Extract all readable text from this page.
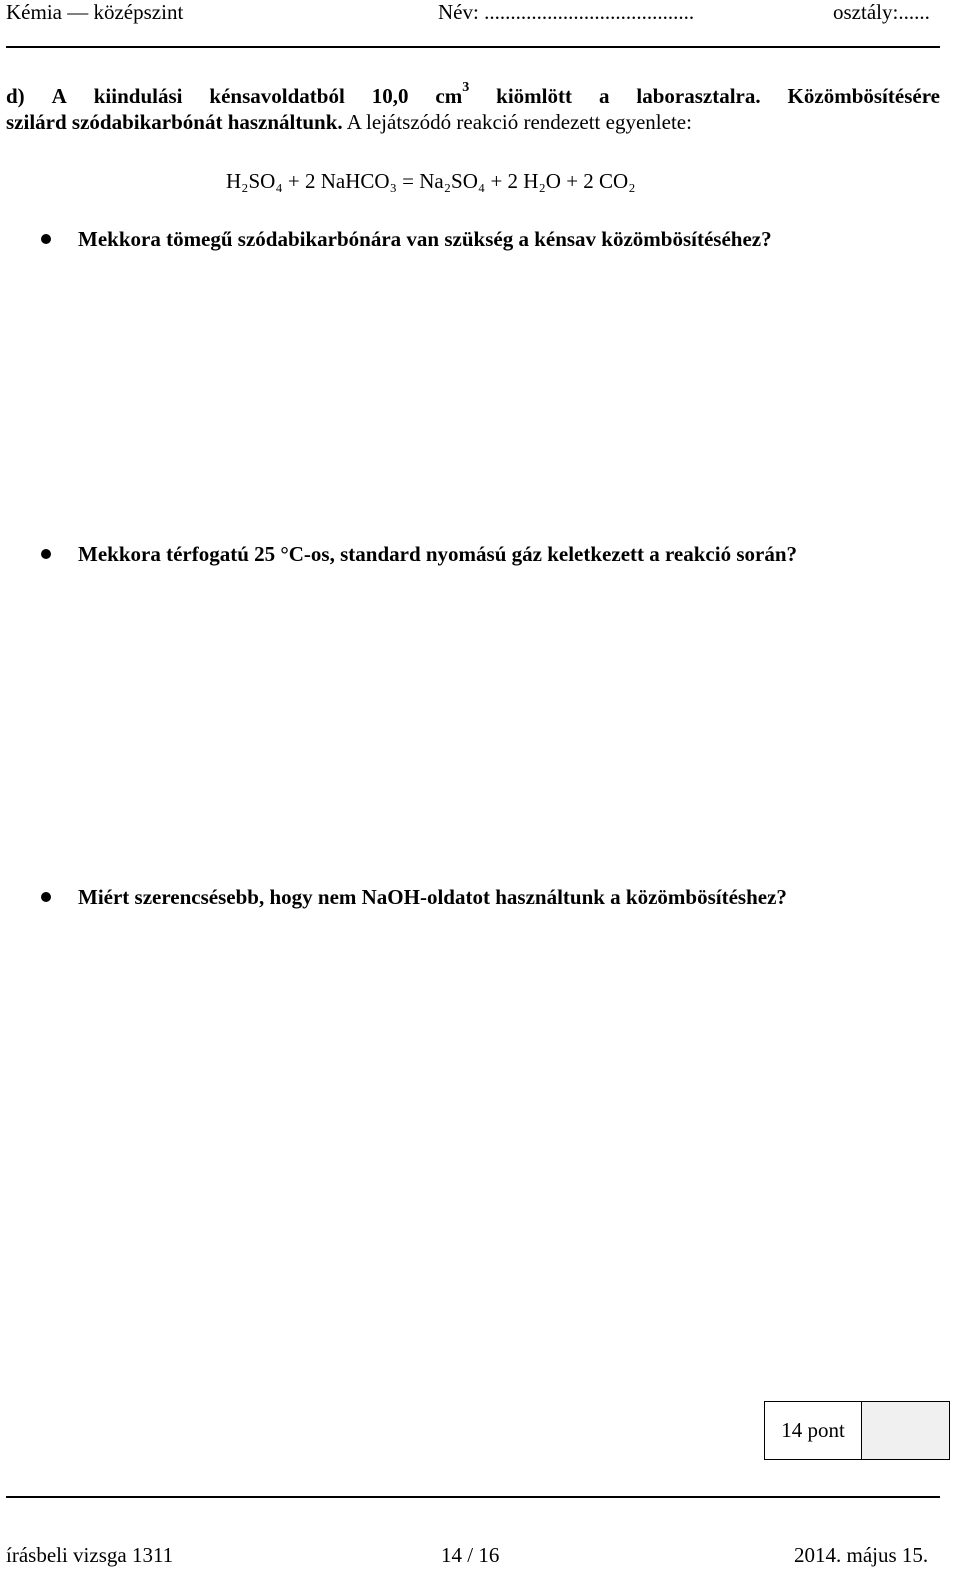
Kémia — középszint	Név: ........................................	osztály:......
d) A kiindulási kénsavoldatból 10,0 $cm^3$ kiömlött a laborasztalra. Közömbösítésére
szilárd szódabikarbónát használtunk. A lejátszódó reakció rendezett egyenlete:
H₂SO₄ + 2 NaHCO₃ = Na₂SO₄ + 2 H₂O + 2 CO₂
Mekkora tömegű szódabikarbónára van szükség a kénsav közömbösítéséhez?
Mekkora térfogatú 25 °C-os, standard nyomású gáz keletkezett a reakció során?
Miért szerencsésebb, hogy nem NaOH-oldatot használtunk a közömbösítéshez?
14 pont
írásbeli vizsga 1311	14 / 16	2014. május 15.
